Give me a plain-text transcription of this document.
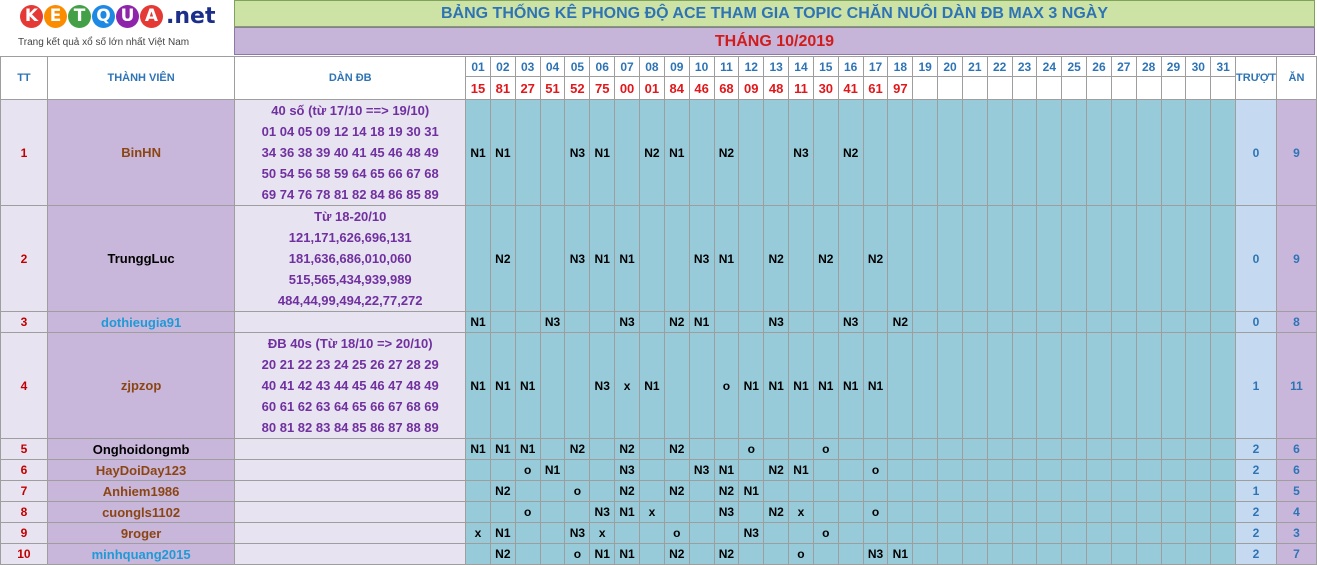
K E T Q U A .net
Trang kết quả xổ số lớn nhất Việt Nam
BẢNG THỐNG KÊ PHONG ĐỘ ACE THAM GIA TOPIC CHĂN NUÔI DÀN ĐB MAX 3 NGÀY
THÁNG 10/2019
TT	THÀNH VIÊN	DÀN ĐB	01	02	03	04	05	06	07	08	09	10	11	12	13	14	15	16	17	18	19	20	21	22	23	24	25	26	27	28	29	30	31	TRƯỢT	ĂN
			15	81	27	51	52	75	00	01	84	46	68	09	48	11	30	41	61	97															
1	BinHN	40 số (từ 17/10 ==> 19/10)
01 04 05 09 12 14 18 19 30 31
34 36 38 39 40 41 45 46 48 49
50 54 56 58 59 64 65 66 67 68
69 74 76 78 81 82 84 86 85 89	N1	N1			N3	N1		N2	N1		N2			N3		N2																0	9
2	TrunggLuc	Từ 18-20/10
121,171,626,696,131
181,636,686,010,060
515,565,434,939,989
484,44,99,494,22,77,272		N2			N3	N1	N1			N3	N1		N2		N2		N2															0	9
3	dothieugia91		N1			N3			N3		N2	N1			N3			N3		N2														0	8
4	zjpzop	ĐB 40s (Từ 18/10 => 20/10)
20 21 22 23 24 25 26 27 28 29
40 41 42 43 44 45 46 47 48 49
60 61 62 63 64 65 66 67 68 69
80 81 82 83 84 85 86 87 88 89	N1	N1	N1			N3	x	N1			o	N1	N1	N1	N1	N1	N1															1	11
5	Onghoidongmb		N1	N1	N1		N2		N2		N2			o			o																	2	6
6	HayDoiDay123				o	N1			N3			N3	N1		N2	N1			o															2	6
7	Anhiem1986			N2			o		N2		N2		N2	N1																				1	5
8	cuongls1102				o			N3	N1	x			N3		N2	x			o															2	4
9	9roger		x	N1			N3	x			o			N3			o																	2	3
10	minhquang2015			N2			o	N1	N1		N2		N2			o			N3	N1														2	7
